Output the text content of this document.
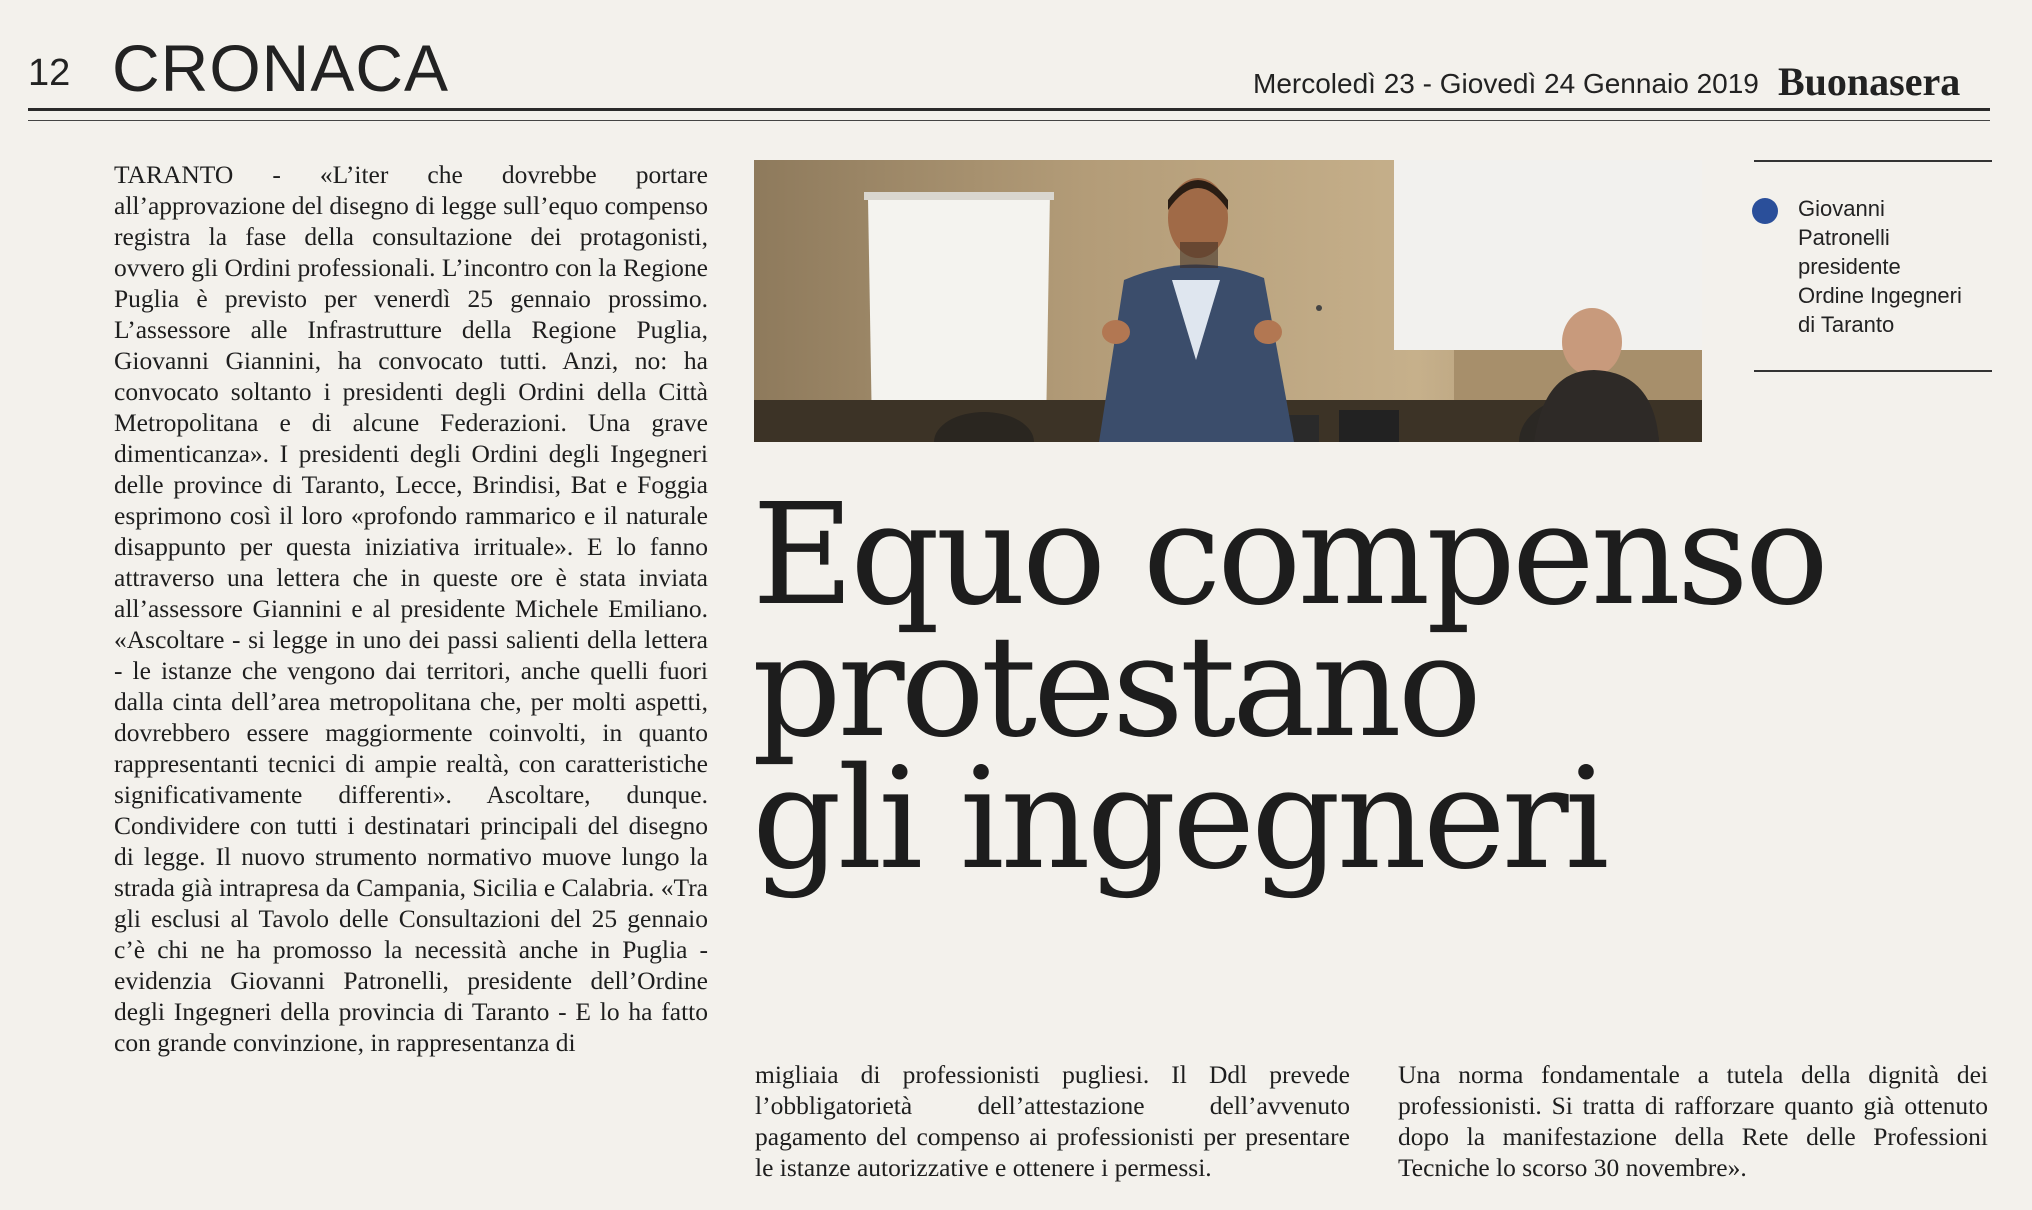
12 CRONACA	Mercoledì 23 - Giovedì 24 Gennaio 2019 Buonasera

TARANTO - «L’iter che dovrebbe portare all’approvazione del disegno di legge sull’equo compenso registra la fase della consultazione dei protagonisti, ovvero gli Ordini professionali. L’incontro con la Regione Puglia è previsto per venerdì 25 gennaio prossimo. L’assessore alle Infrastrutture della Regione Puglia, Giovanni Giannini, ha convocato tutti. Anzi, no: ha convocato soltanto i presidenti degli Ordini della Città Metropolitana e di alcune Federazioni. Una grave dimenticanza». I presidenti degli Ordini degli Ingegneri delle province di Taranto, Lecce, Brindisi, Bat e Foggia esprimono così il loro «profondo rammarico e il naturale disappunto per questa iniziativa irrituale». E lo fanno attraverso una lettera che in queste ore è stata inviata all’assessore Giannini e al presidente Michele Emiliano. «Ascoltare - si legge in uno dei passi salienti della lettera - le istanze che vengono dai territori, anche quelli fuori dalla cinta dell’area metropolitana che, per molti aspetti, dovrebbero essere maggiormente coinvolti, in quanto rappresentanti tecnici di ampie realtà, con caratteristiche significativamente differenti». Ascoltare, dunque. Condividere con tutti i destinatari principali del disegno di legge. Il nuovo strumento normativo muove lungo la strada già intrapresa da Campania, Sicilia e Calabria. «Tra gli esclusi al Tavolo delle Consultazioni del 25 gennaio c’è chi ne ha promosso la necessità anche in Puglia - evidenzia Giovanni Patronelli, presidente dell’Ordine degli Ingegneri della provincia di Taranto - E lo ha fatto con grande convinzione, in rappresentanza di

Giovanni
Patronelli
presidente
Ordine Ingegneri
di Taranto
Equo compenso
protestano
gli ingegneri

migliaia di professionisti pugliesi. Il Ddl prevede l’obbligatorietà dell’attestazione dell’avvenuto pagamento del compenso ai professionisti per presentare le istanze autorizzative e ottenere i permessi.

Una norma fondamentale a tutela della dignità dei professionisti. Si tratta di rafforzare quanto già ottenuto dopo la manifestazione della Rete delle Professioni Tecniche lo scorso 30 novembre».
